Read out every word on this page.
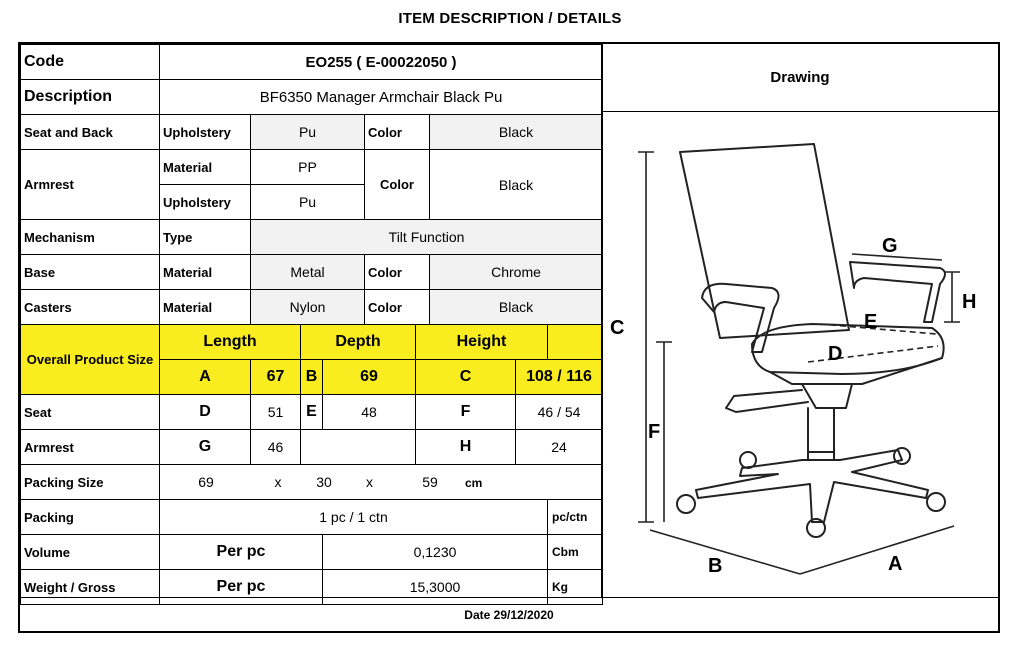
ITEM DESCRIPTION / DETAILS
Code	EO255 ( E-00022050 )									
Description	BF6350 Manager Armchair Black Pu									
Seat and Back	Upholstery	Pu			Color		Black			
Armrest	Material	PP			Color		Black			
	Upholstery	Pu								
Mechanism	Type	Tilt Function								
Base	Material	Metal			Color		Chrome			
Casters	Material	Nylon			Color		Black			
Overall Product Size	Length		Depth			Height				
	A	67	B	69		C		108 / 116	
Seat	D	51	E	48		F		46 / 54	
Armrest	G	46				H		24		
Packing Size	69 x 30 x 59 cm									
Packing	1 pc / 1 ctn								pc/ctn	
Volume	Per pc			0,1230					Cbm	
Weight / Gross	Per pc			15,3000					Kg	
Drawing
C
F
G
H
E
D
B	A
Date 29/12/2020
